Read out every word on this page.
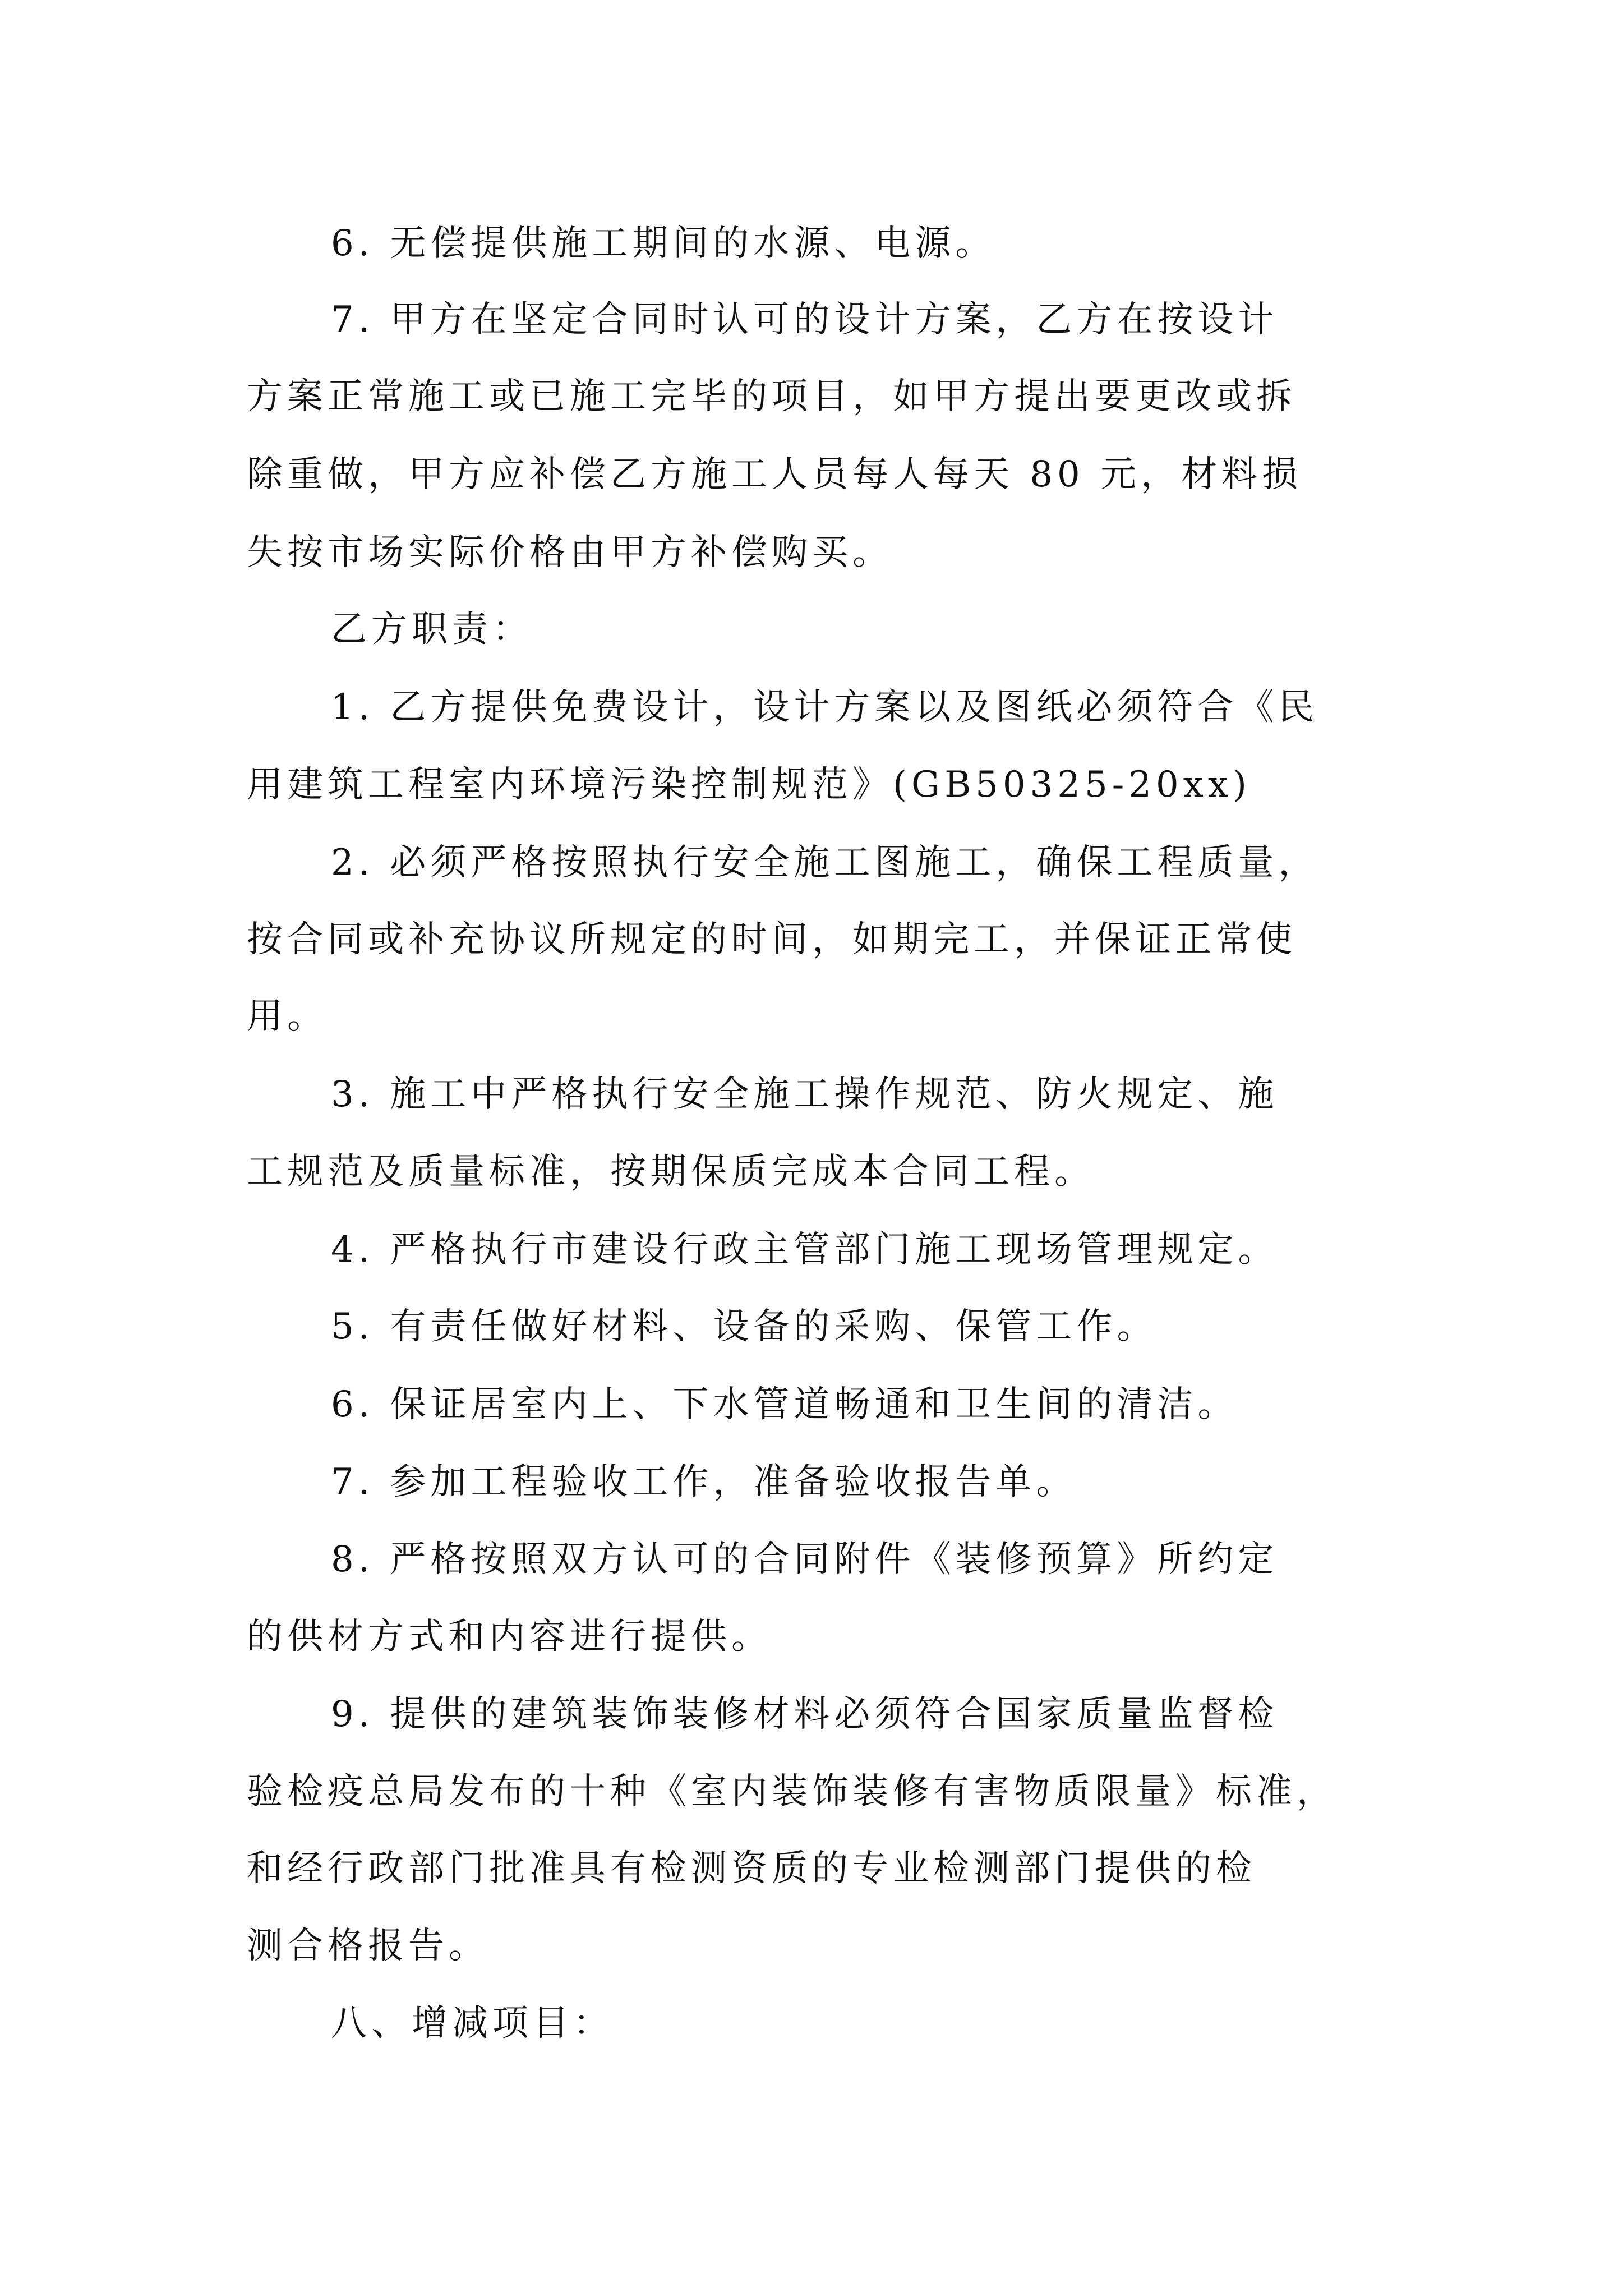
6. 无偿提供施工期间的水源、电源。
7. 甲方在坚定合同时认可的设计方案，乙方在按设计
方案正常施工或已施工完毕的项目，如甲方提出要更改或拆
除重做，甲方应补偿乙方施工人员每人每天 80 元，材料损
失按市场实际价格由甲方补偿购买。
乙方职责：
1. 乙方提供免费设计，设计方案以及图纸必须符合《民
用建筑工程室内环境污染控制规范》(GB50325-20xx)
2. 必须严格按照执行安全施工图施工，确保工程质量，
按合同或补充协议所规定的时间，如期完工，并保证正常使
用。
3. 施工中严格执行安全施工操作规范、防火规定、施
工规范及质量标准，按期保质完成本合同工程。
4. 严格执行市建设行政主管部门施工现场管理规定。
5. 有责任做好材料、设备的采购、保管工作。
6. 保证居室内上、下水管道畅通和卫生间的清洁。
7. 参加工程验收工作，准备验收报告单。
8. 严格按照双方认可的合同附件《装修预算》所约定
的供材方式和内容进行提供。
9. 提供的建筑装饰装修材料必须符合国家质量监督检
验检疫总局发布的十种《室内装饰装修有害物质限量》标准，
和经行政部门批准具有检测资质的专业检测部门提供的检
测合格报告。
八、增减项目：
